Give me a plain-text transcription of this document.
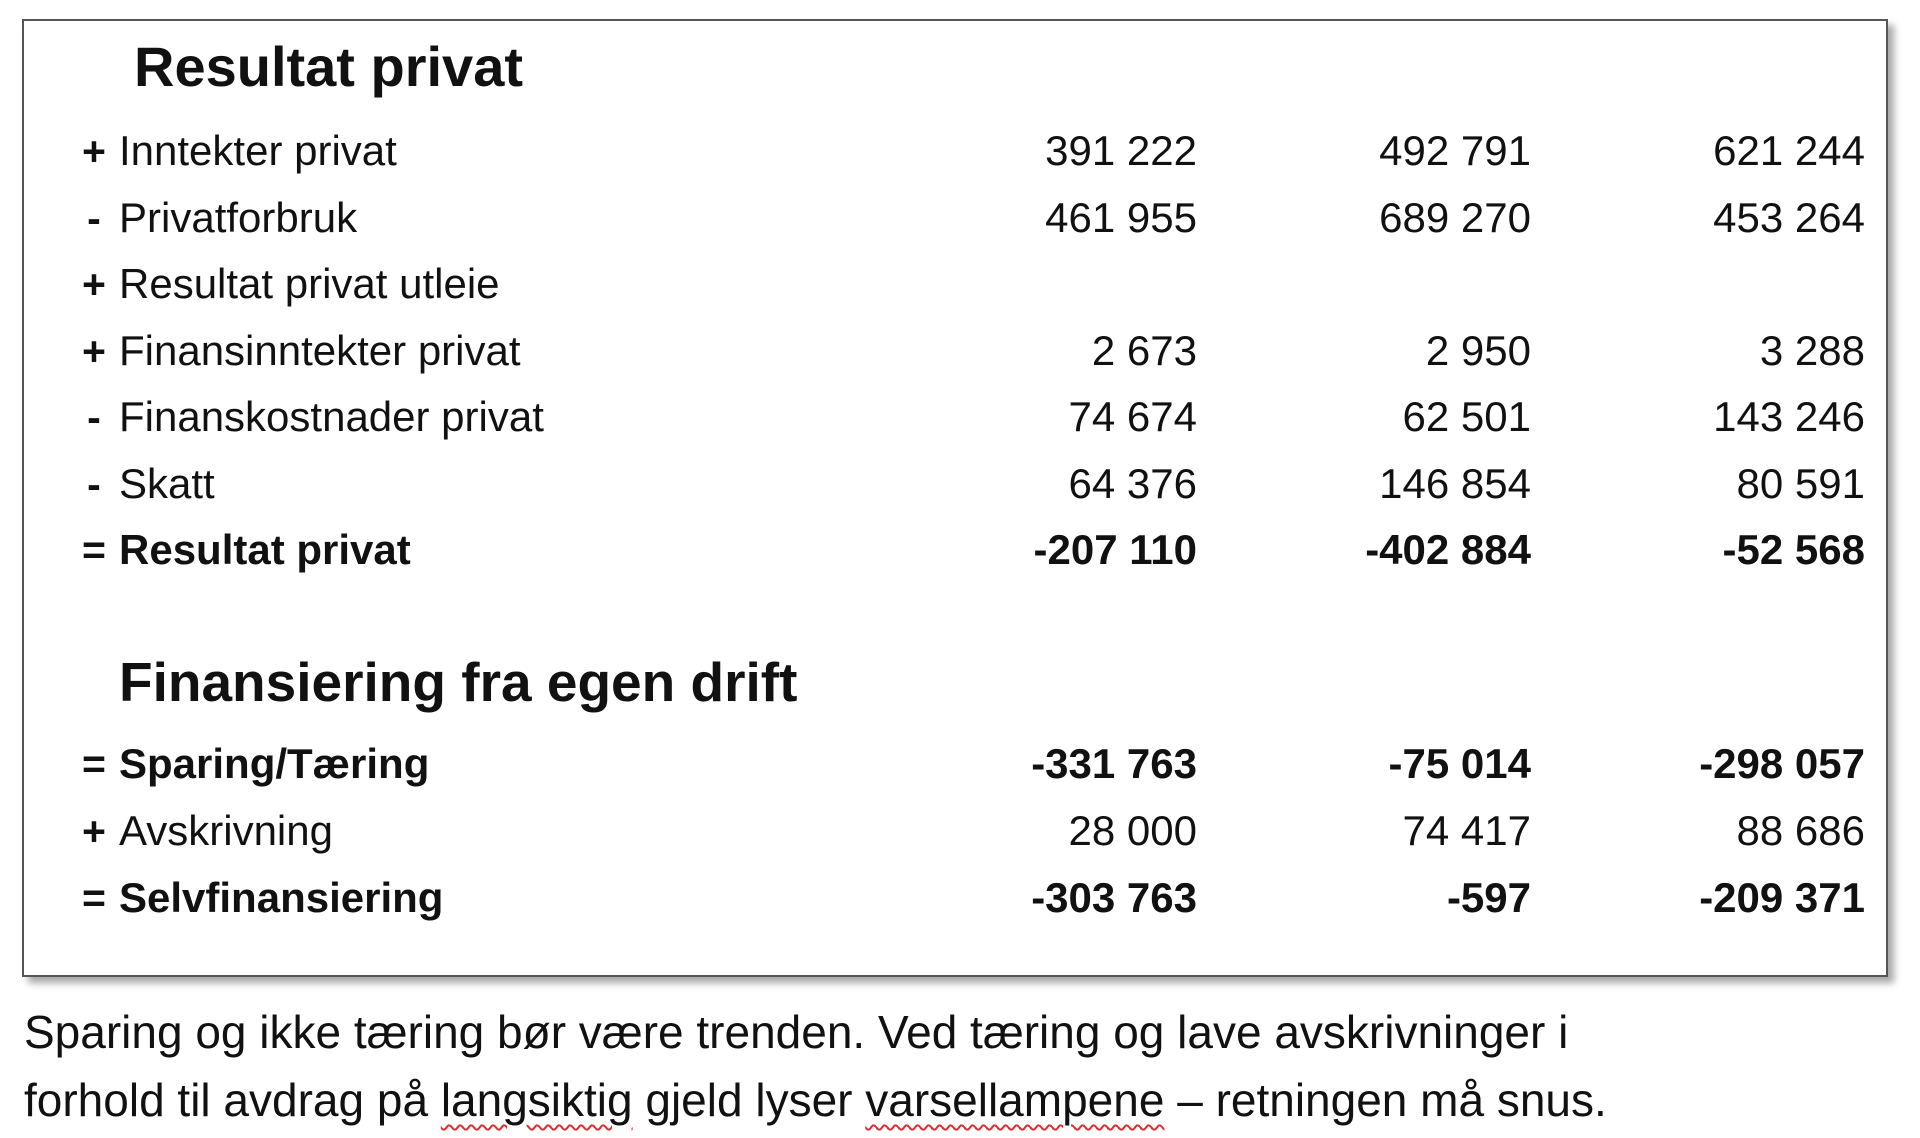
Resultat privat
+ Inntekter privat	391 222	492 791	621 244
- Privatforbruk	461 955	689 270	453 264
+ Resultat privat utleie
+ Finansinntekter privat	2 673	2 950	3 288
- Finanskostnader privat	74 674	62 501	143 246
- Skatt	64 376	146 854	80 591
= Resultat privat	-207 110	-402 884	-52 568
Finansiering fra egen drift
= Sparing/Tæring	-331 763	-75 014	-298 057
+ Avskrivning	28 000	74 417	88 686
= Selvfinansiering	-303 763	-597	-209 371

Sparing og ikke tæring bør være trenden. Ved tæring og lave avskrivninger i

forhold til avdrag på langsiktig gjeld lyser varsellampene – retningen må snus.
